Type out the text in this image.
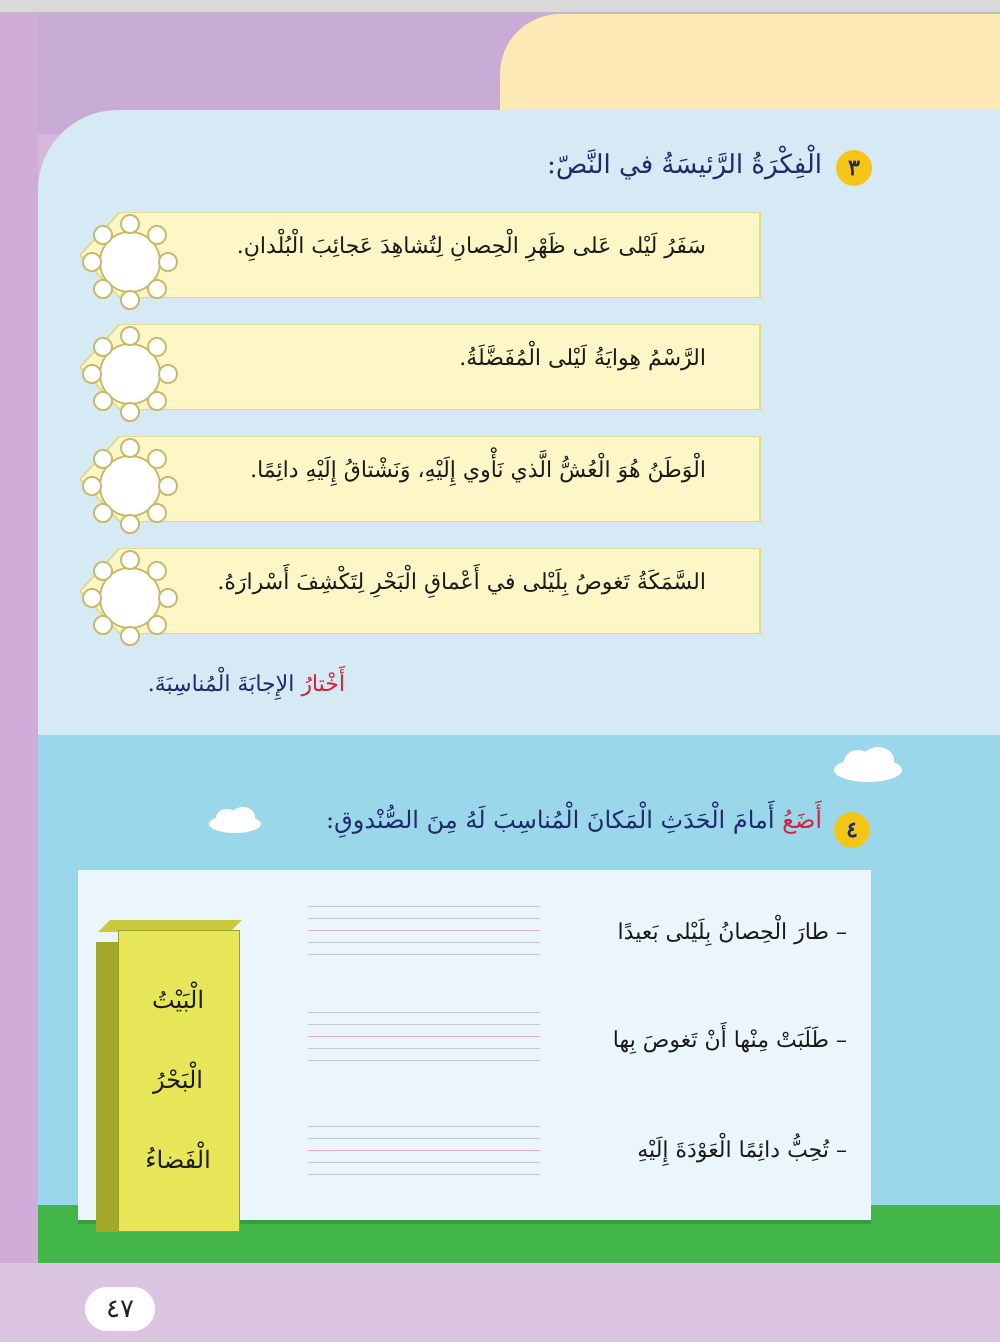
٣
الْفِكْرَةُ الرَّئيسَةُ في النَّصّ:
سَفَرُ لَيْلى عَلى ظَهْرِ الْحِصانِ لِتُشاهِدَ عَجائِبَ الْبُلْدانِ.
الرَّسْمُ هِوايَةُ لَيْلى الْمُفَضَّلَةُ.
الْوَطَنُ هُوَ الْعُشُّ الَّذي نَأْوي إِلَيْهِ، وَنَشْتاقُ إِلَيْهِ دائِمًا.
السَّمَكَةُ تَغوصُ بِلَيْلى في أَعْماقِ الْبَحْرِ لِتَكْشِفَ أَسْرارَهُ.
أَخْتارُ الإِجابَةَ الْمُناسِبَةَ.
٤
أَضَعُ أَمامَ الْحَدَثِ الْمَكانَ الْمُناسِبَ لَهُ مِنَ الصُّنْدوقِ:
– طارَ الْحِصانُ بِلَيْلى بَعيدًا
– طَلَبَتْ مِنْها أَنْ تَغوصَ بِها
– تُحِبُّ دائِمًا الْعَوْدَةَ إِلَيْهِ
الْبَيْتُ
الْبَحْرُ
الْفَضاءُ
٤٧
